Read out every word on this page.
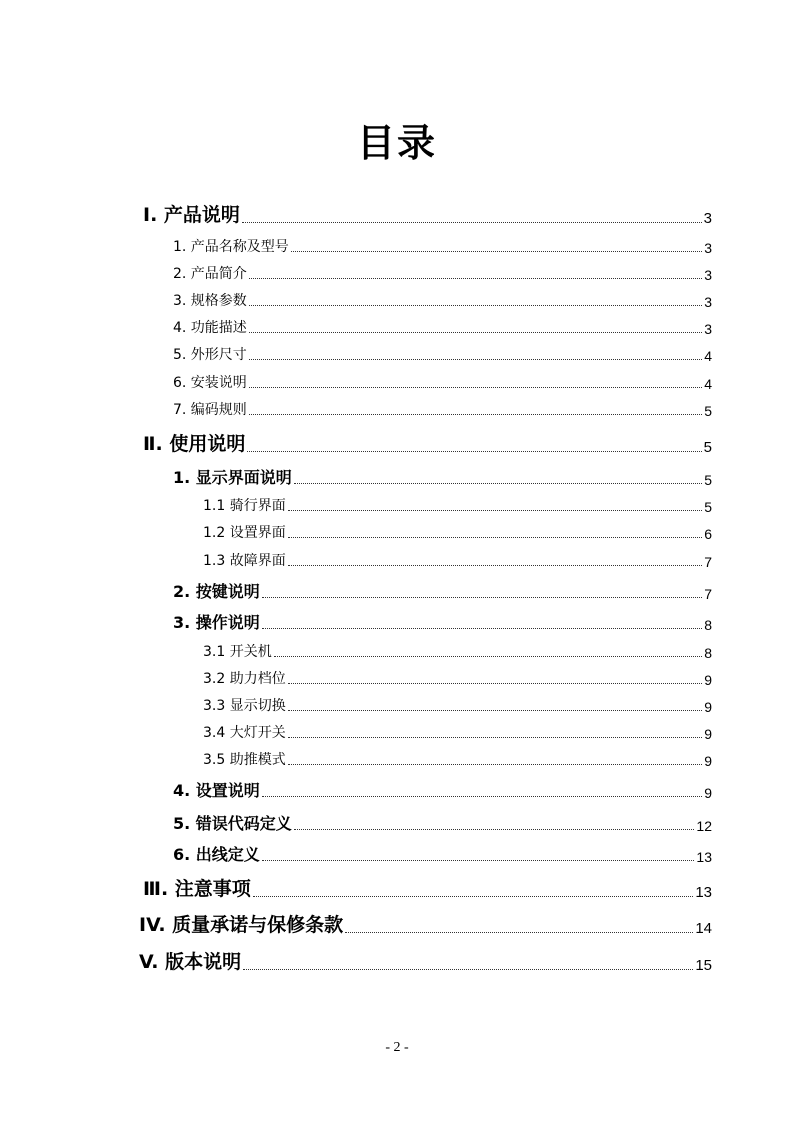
目录
Ⅰ. 产品说明	3
1. 产品名称及型号	3
2. 产品简介	3
3. 规格参数	3
4. 功能描述	3
5. 外形尺寸	4
6. 安装说明	4
7. 编码规则	5
Ⅱ. 使用说明	5
1. 显示界面说明	5
1.1 骑行界面	5
1.2 设置界面	6
1.3 故障界面	7
2. 按键说明	7
3. 操作说明	8
3.1 开关机	8
3.2 助力档位	9
3.3 显示切换	9
3.4 大灯开关	9
3.5 助推模式	9
4. 设置说明	9
5. 错误代码定义	12
6. 出线定义	13
Ⅲ. 注意事项	13
IV. 质量承诺与保修条款	14
V. 版本说明	15
- 2 -
